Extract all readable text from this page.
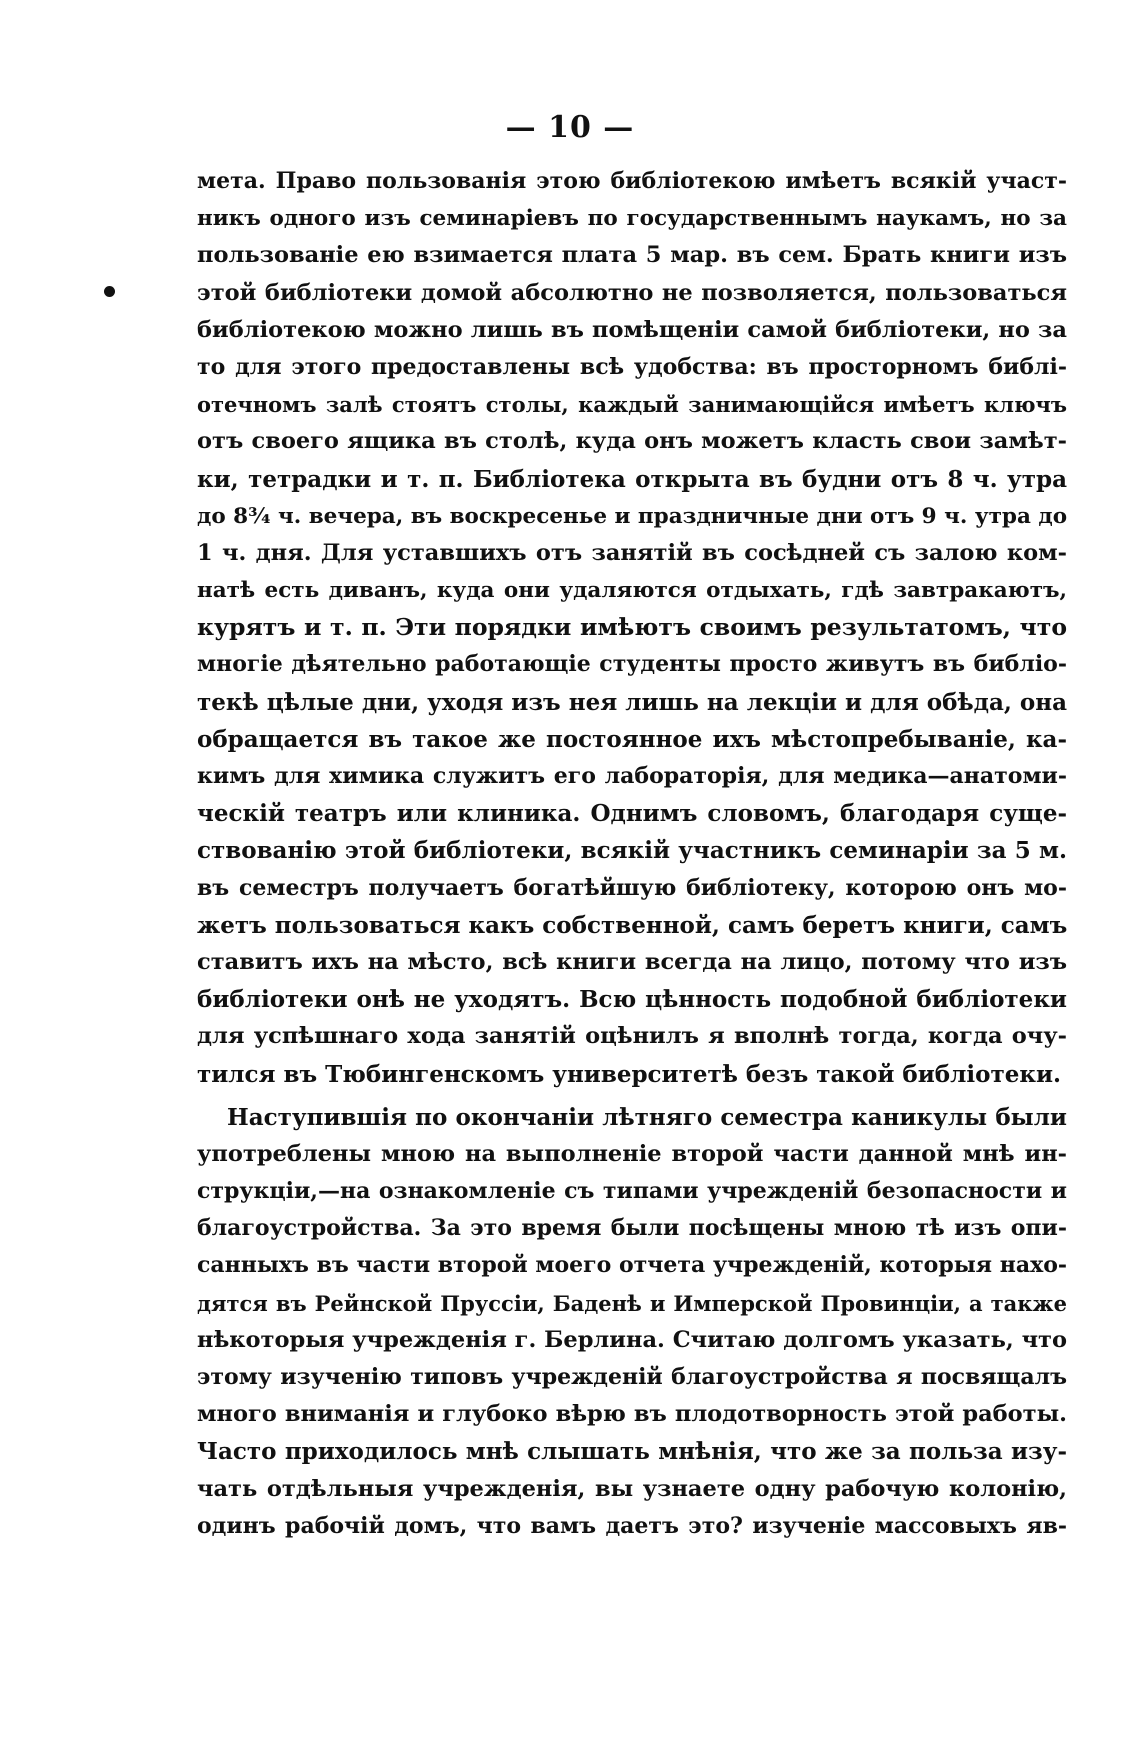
— 10 —
мета. Право пользованія этою библіотекою имѣетъ всякій участ-
никъ одного изъ семинаріевъ по государственнымъ наукамъ, но за
пользованіе ею взимается плата 5 мар. въ сем. Брать книги изъ
этой библіотеки домой абсолютно не позволяется, пользоваться
библіотекою можно лишь въ помѣщеніи самой библіотеки, но за
то для этого предоставлены всѣ удобства: въ просторномъ библі-
отечномъ залѣ стоятъ столы, каждый занимающійся имѣетъ ключъ
отъ своего ящика въ столѣ, куда онъ можетъ класть свои замѣт-
ки, тетрадки и т. п. Библіотека открыта въ будни отъ 8 ч. утра
до 8¾ ч. вечера, въ воскресенье и праздничные дни отъ 9 ч. утра до
1 ч. дня. Для уставшихъ отъ занятій въ сосѣдней съ залою ком-
натѣ есть диванъ, куда они удаляются отдыхать, гдѣ завтракаютъ,
курятъ и т. п. Эти порядки имѣютъ своимъ результатомъ, что
многіе дѣятельно работающіе студенты просто живутъ въ библіо-
текѣ цѣлые дни, уходя изъ нея лишь на лекціи и для обѣда, она
обращается въ такое же постоянное ихъ мѣстопребываніе, ка-
кимъ для химика служитъ его лабораторія, для медика—анатоми-
ческій театръ или клиника. Однимъ словомъ, благодаря суще-
ствованію этой библіотеки, всякій участникъ семинаріи за 5 м.
въ семестръ получаетъ богатѣйшую библіотеку, которою онъ мо-
жетъ пользоваться какъ собственной, самъ беретъ книги, самъ
ставитъ ихъ на мѣсто, всѣ книги всегда на лицо, потому что изъ
библіотеки онѣ не уходятъ. Всю цѣнность подобной библіотеки
для успѣшнаго хода занятій оцѣнилъ я вполнѣ тогда, когда очу-
тился въ Тюбингенскомъ университетѣ безъ такой библіотеки.
Наступившія по окончаніи лѣтняго семестра каникулы были
употреблены мною на выполненіе второй части данной мнѣ ин-
струкціи,—на ознакомленіе съ типами учрежденій безопасности и
благоустройства. За это время были посѣщены мною тѣ изъ опи-
санныхъ въ части второй моего отчета учрежденій, которыя нахо-
дятся въ Рейнской Пруссіи, Баденѣ и Имперской Провинціи, а также
нѣкоторыя учрежденія г. Берлина. Считаю долгомъ указать, что
этому изученію типовъ учрежденій благоустройства я посвящалъ
много вниманія и глубоко вѣрю въ плодотворность этой работы.
Часто приходилось мнѣ слышать мнѣнія, что же за польза изу-
чать отдѣльныя учрежденія, вы узнаете одну рабочую колонію,
одинъ рабочій домъ, что вамъ даетъ это? изученіе массовыхъ яв-
